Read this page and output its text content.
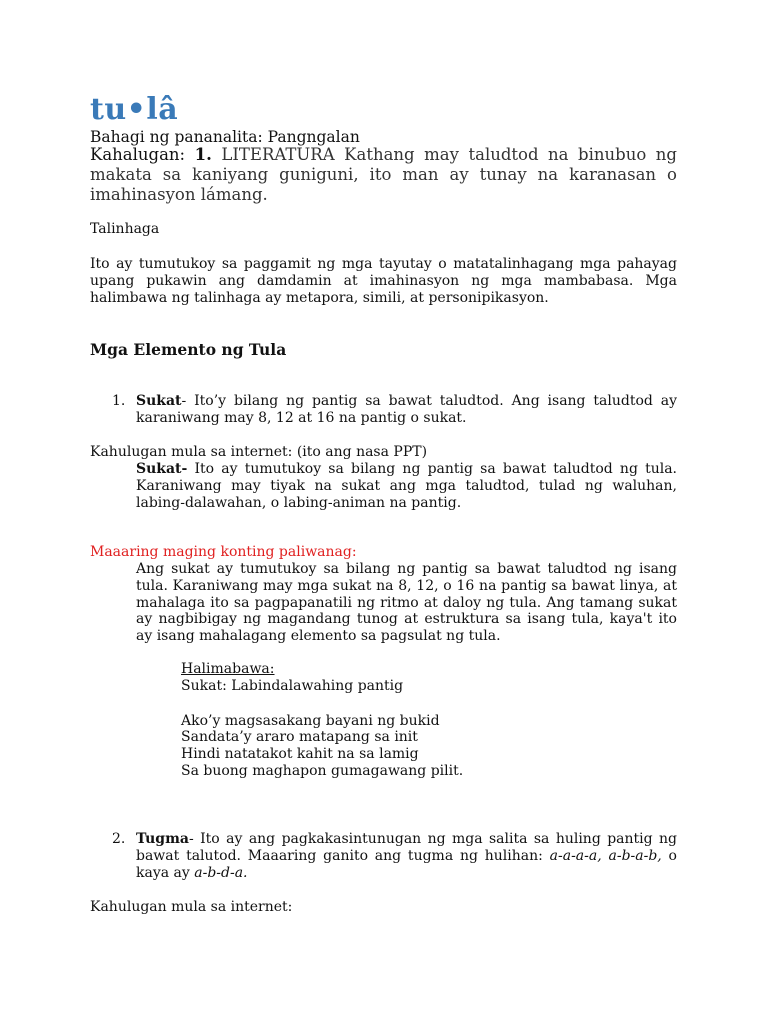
tu•lâ
Bahagi ng pananalita: Pangngalan
Kahalugan: 1. LITERATURA Kathang may taludtod na binubuo ng makata sa kaniyang guniguni, ito man ay tunay na karanasan o imahinasyon lámang.
Talinhaga
Ito ay tumutukoy sa paggamit ng mga tayutay o matatalinhagang mga pahayag upang pukawin ang damdamin at imahinasyon ng mga mambabasa. Mga halimbawa ng talinhaga ay metapora, simili, at personipikasyon.
Mga Elemento ng Tula
1. Sukat- Ito’y bilang ng pantig sa bawat taludtod. Ang isang taludtod ay karaniwang may 8, 12 at 16 na pantig o sukat.
Kahulugan mula sa internet: (ito ang nasa PPT)
Sukat- Ito ay tumutukoy sa bilang ng pantig sa bawat taludtod ng tula. Karaniwang may tiyak na sukat ang mga taludtod, tulad ng waluhan, labing-dalawahan, o labing-animan na pantig.
Maaaring maging konting paliwanag:
Ang sukat ay tumutukoy sa bilang ng pantig sa bawat taludtod ng isang tula. Karaniwang may mga sukat na 8, 12, o 16 na pantig sa bawat linya, at mahalaga ito sa pagpapanatili ng ritmo at daloy ng tula. Ang tamang sukat ay nagbibigay ng magandang tunog at estruktura sa isang tula, kaya't ito ay isang mahalagang elemento sa pagsulat ng tula.
Halimabawa:
Sukat: Labindalawahing pantig
Ako’y magsasakang bayani ng bukid
Sandata’y araro matapang sa init
Hindi natatakot kahit na sa lamig
Sa buong maghapon gumagawang pilit.
2. Tugma- Ito ay ang pagkakasintunugan ng mga salita sa huling pantig ng bawat talutod. Maaaring ganito ang tugma ng hulihan: a-a-a-a, a-b-a-b, o kaya ay a-b-d-a.
Kahulugan mula sa internet:
